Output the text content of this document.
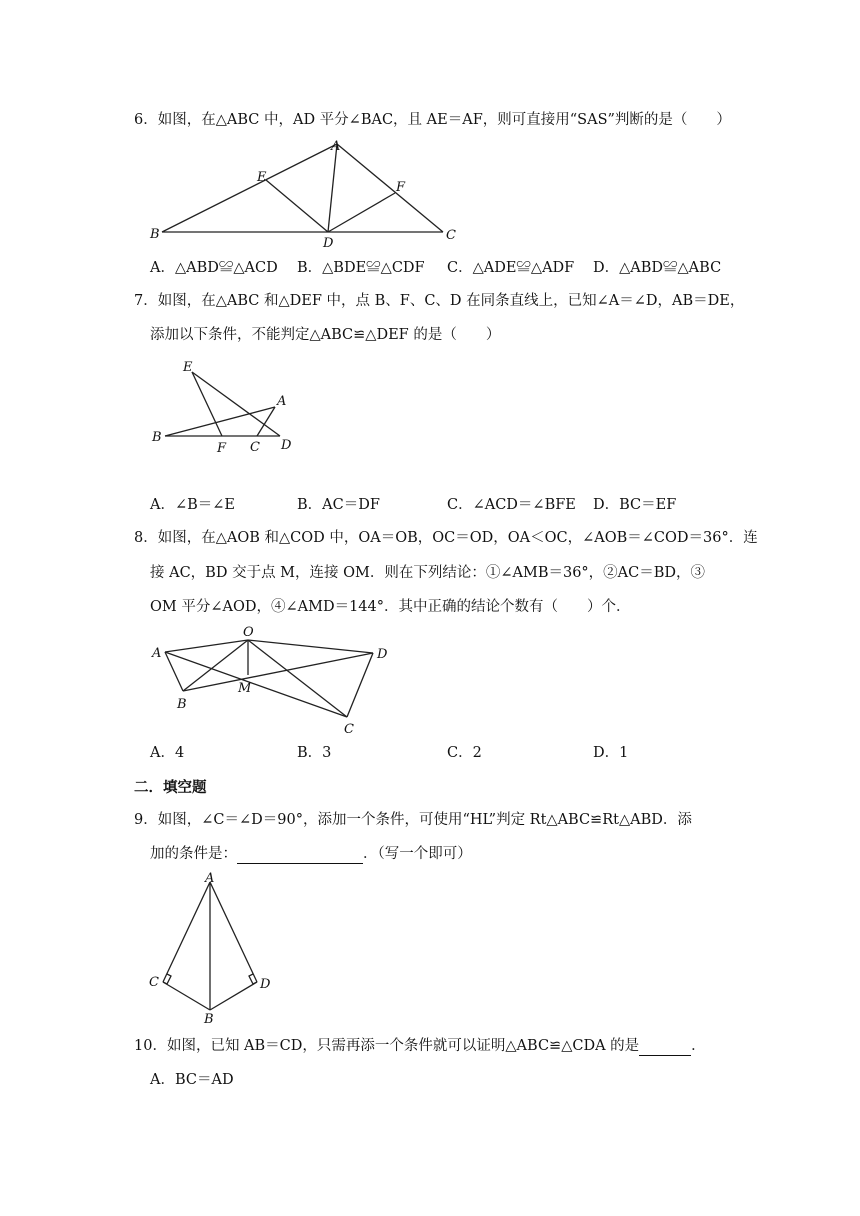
6．如图，在△ABC 中，AD 平分∠BAC，且 AE＝AF，则可直接用“SAS”判断的是（　　）
A
B	C
D
E
F
A．△ABD≌△ACD B．△BDE≌△CDF C．△ADE≌△ADF D．△ABD≌△ABC
7．如图，在△ABC 和△DEF 中，点 B、F、C、D 在同条直线上，已知∠A＝∠D，AB＝DE，
添加以下条件，不能判定△ABC≌△DEF 的是（　　）
E
A
B
F C D
A．∠B＝∠E	B．AC＝DF	C．∠ACD＝∠BFE D．BC＝EF
8．如图，在△AOB 和△COD 中，OA＝OB，OC＝OD，OA＜OC，∠AOB＝∠COD＝36°．连
接 AC，BD 交于点 M，连接 OM．则在下列结论：①∠AMB＝36°，②AC＝BD，③
OM 平分∠AOD，④∠AMD＝144°．其中正确的结论个数有（　　）个．
O
A	D
B
M
C
A．4	B．3	C．2	D．1
二．填空题
9．如图，∠C＝∠D＝90°，添加一个条件，可使用“HL”判定 Rt△ABC≌Rt△ABD．添
加的条件是：	．（写一个即可）
A
C	D
B
10．如图，已知 AB＝CD，只需再添一个条件就可以证明△ABC≌△CDA 的是	．
A．BC＝AD
